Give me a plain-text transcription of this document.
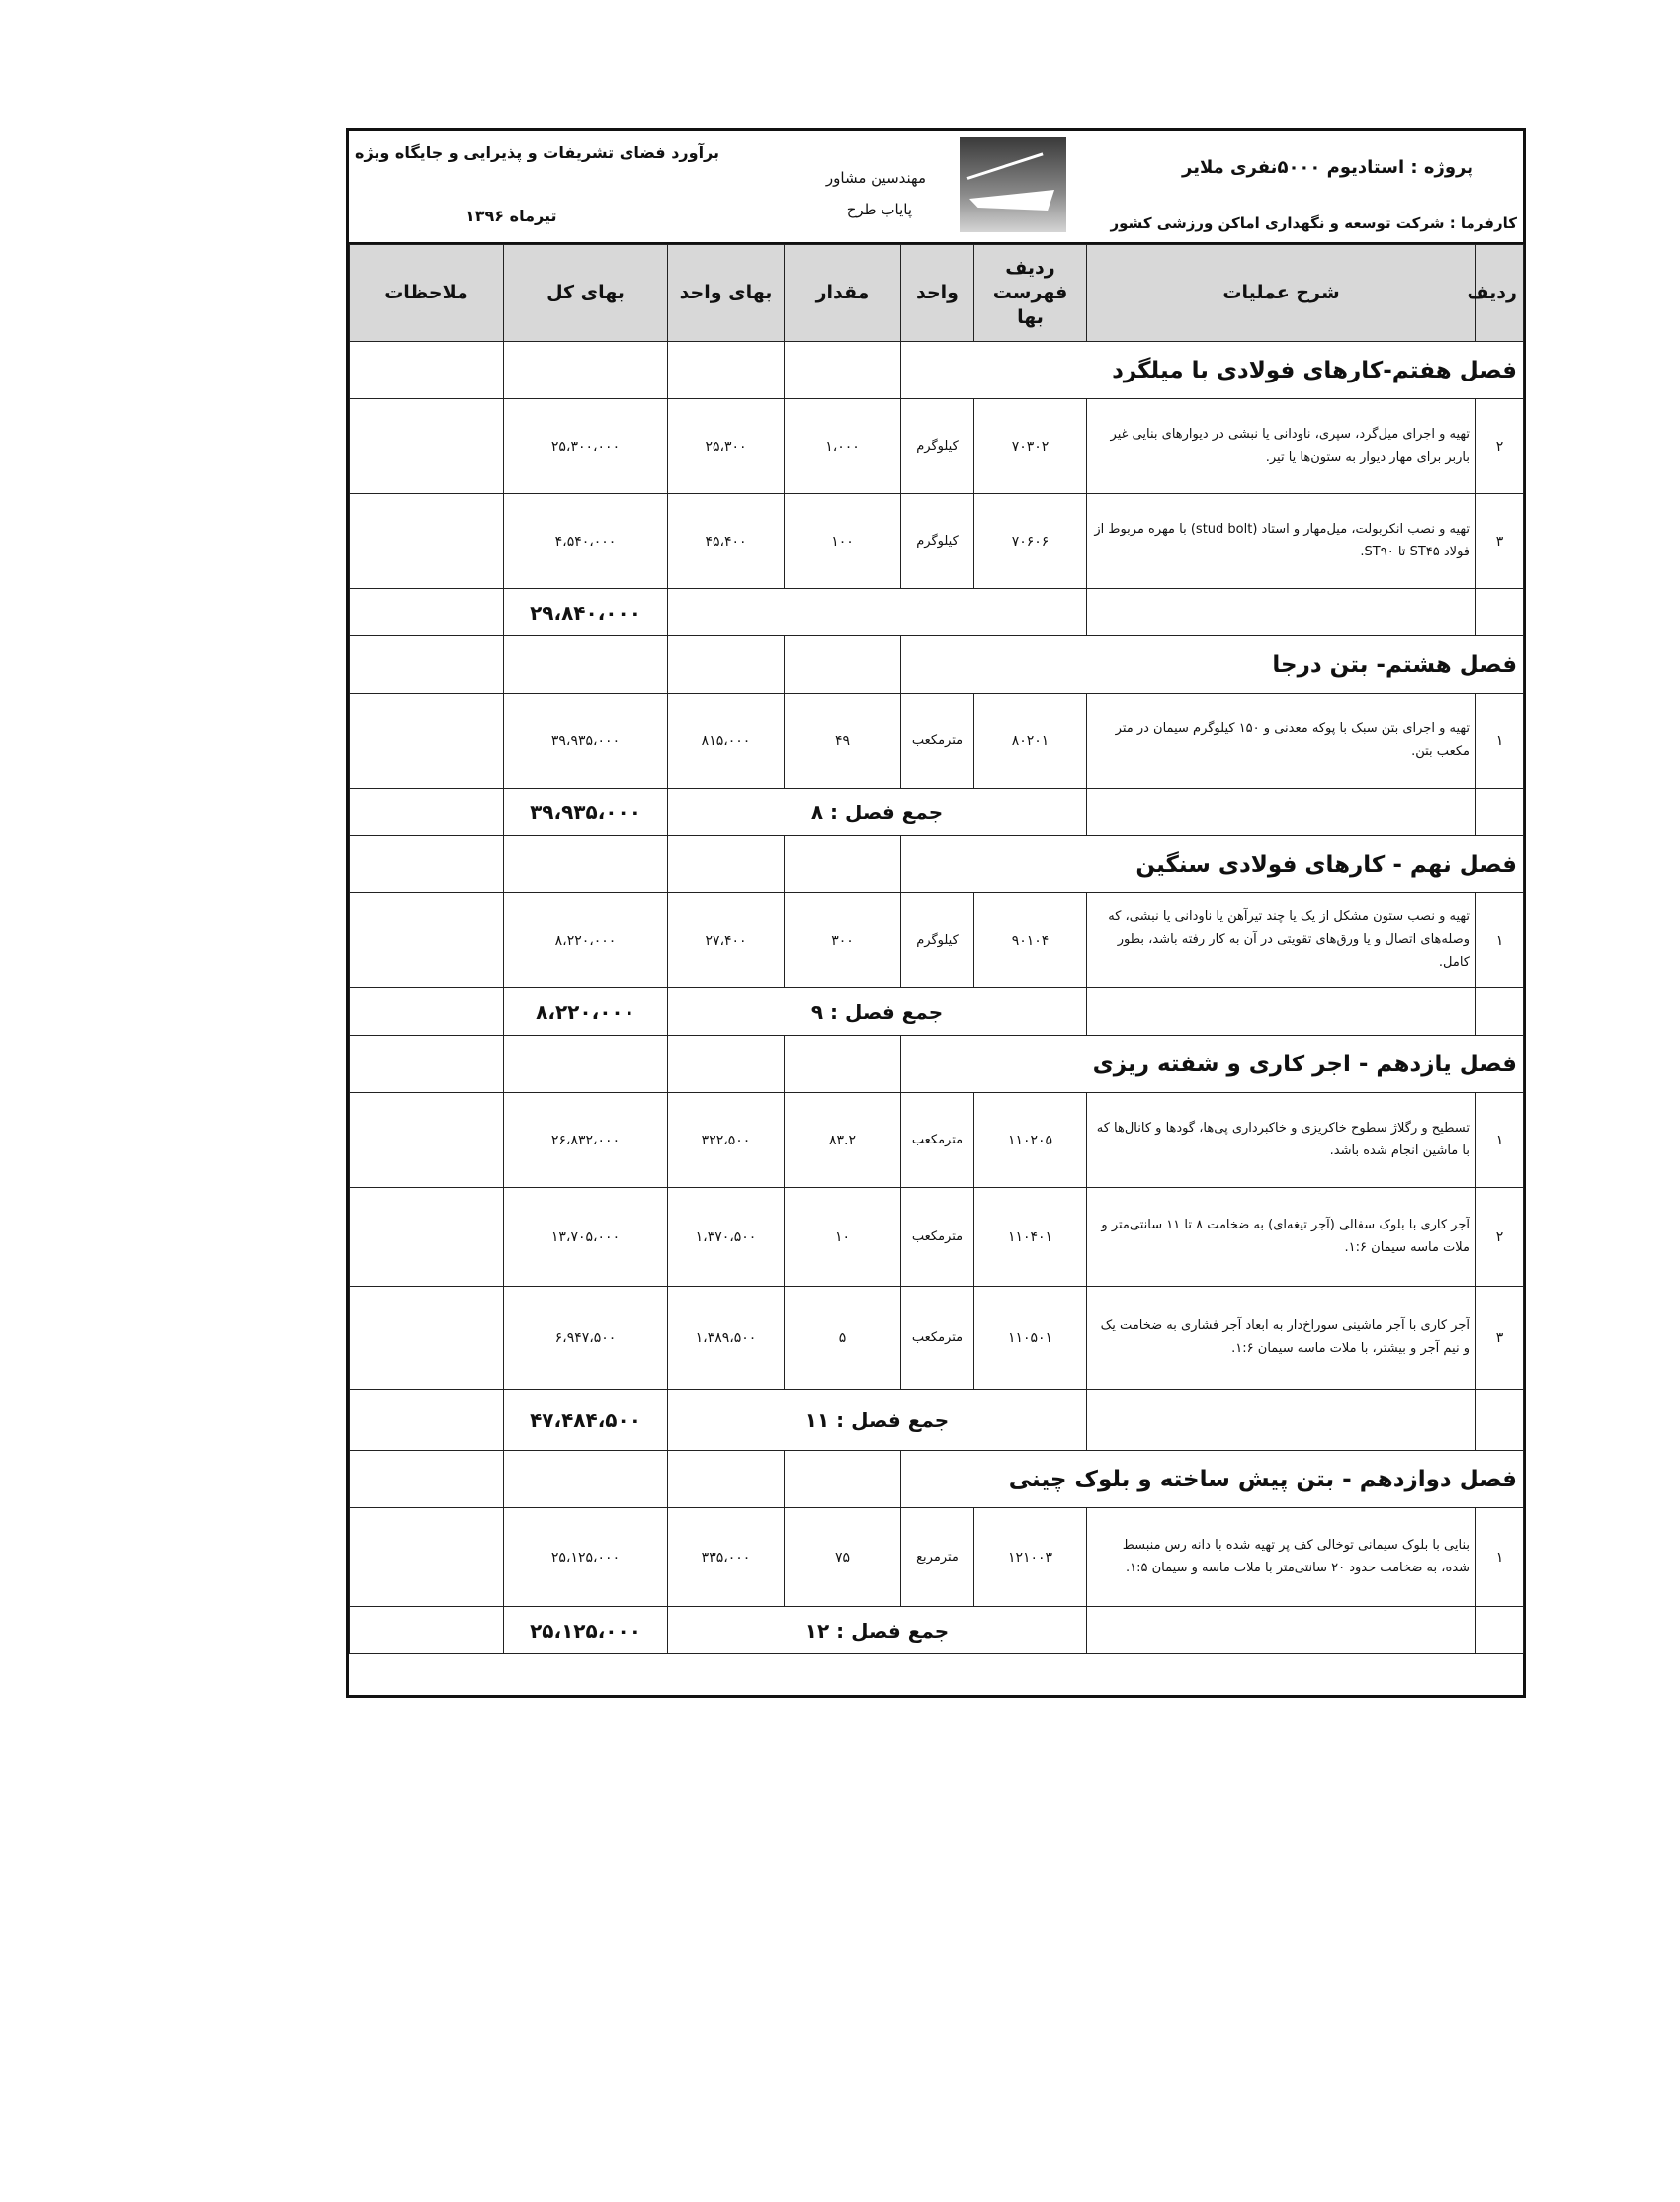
پروژه : استادیوم ۵۰۰۰نفری ملایر
کارفرما : شرکت توسعه و نگهداری اماکن ورزشی کشور
مهندسین مشاور
پایاب طرح
برآورد فضای تشریفات و پذیرایی و جایگاه ویژه
تیرماه ۱۳۹۶
ردیف	شرح عملیات	ردیف فهرست بها	واحد	مقدار	بهای واحد	بهای کل	ملاحظات
فصل هفتم-کارهای فولادی با میلگرد							
۲	تهیه و اجرای میل‌گرد، سپری، ناودانی یا نبشی در دیوارهای بنایی غیر باربر برای مهار دیوار به ستون‌ها یا تیر.	۷۰۳۰۲	کیلوگرم	۱،۰۰۰	۲۵،۳۰۰	۲۵،۳۰۰،۰۰۰	
۳	تهیه و نصب انکربولت، میل‌مهار و استاد (stud bolt) با مهره مربوط از فولاد ST۴۵ تا ST۹۰.	۷۰۶۰۶	کیلوگرم	۱۰۰	۴۵،۴۰۰	۴،۵۴۰،۰۰۰	
						۲۹،۸۴۰،۰۰۰	
فصل هشتم- بتن درجا							
۱	تهیه و اجرای بتن سبک با پوکه معدنی و ۱۵۰ کیلوگرم سیمان در متر مکعب بتن.	۸۰۲۰۱	مترمکعب	۴۹	۸۱۵،۰۰۰	۳۹،۹۳۵،۰۰۰	
		جمع فصل : ۸				۳۹،۹۳۵،۰۰۰	
فصل نهم - کارهای فولادی سنگین							
۱	تهیه و نصب ستون مشکل از یک یا چند تیرآهن یا ناودانی یا نبشی، که وصله‌های اتصال و یا ورق‌های تقویتی در آن به کار رفته باشد، بطور کامل.	۹۰۱۰۴	کیلوگرم	۳۰۰	۲۷،۴۰۰	۸،۲۲۰،۰۰۰	
		جمع فصل : ۹				۸،۲۲۰،۰۰۰	
فصل یازدهم - اجر کاری و شفته ریزی							
۱	تسطیح و رگلاژ سطوح خاکریزی و خاکبرداری پی‌ها، گودها و کانال‌ها که با ماشین انجام شده باشد.	۱۱۰۲۰۵	مترمکعب	۸۳.۲	۳۲۲،۵۰۰	۲۶،۸۳۲،۰۰۰	
۲	آجر کاری با بلوک سفالی (آجر تیغه‌ای) به ضخامت ۸ تا ۱۱ سانتی‌متر و ملات ماسه سیمان ۱:۶.	۱۱۰۴۰۱	مترمکعب	۱۰	۱،۳۷۰،۵۰۰	۱۳،۷۰۵،۰۰۰	
۳	آجر کاری با آجر ماشینی سوراخ‌دار به ابعاد آجر فشاری به ضخامت یک و نیم آجر و بیشتر، با ملات ماسه سیمان ۱:۶.	۱۱۰۵۰۱	مترمکعب	۵	۱،۳۸۹،۵۰۰	۶،۹۴۷،۵۰۰	
		جمع فصل : ۱۱				۴۷،۴۸۴،۵۰۰	
فصل دوازدهم - بتن پیش ساخته و بلوک چینی							
۱	بنایی با بلوک سیمانی توخالی کف پر تهیه شده با دانه رس منبسط شده، به ضخامت حدود ۲۰ سانتی‌متر با ملات ماسه و سیمان ۱:۵.	۱۲۱۰۰۳	مترمربع	۷۵	۳۳۵،۰۰۰	۲۵،۱۲۵،۰۰۰	
		جمع فصل : ۱۲				۲۵،۱۲۵،۰۰۰	
